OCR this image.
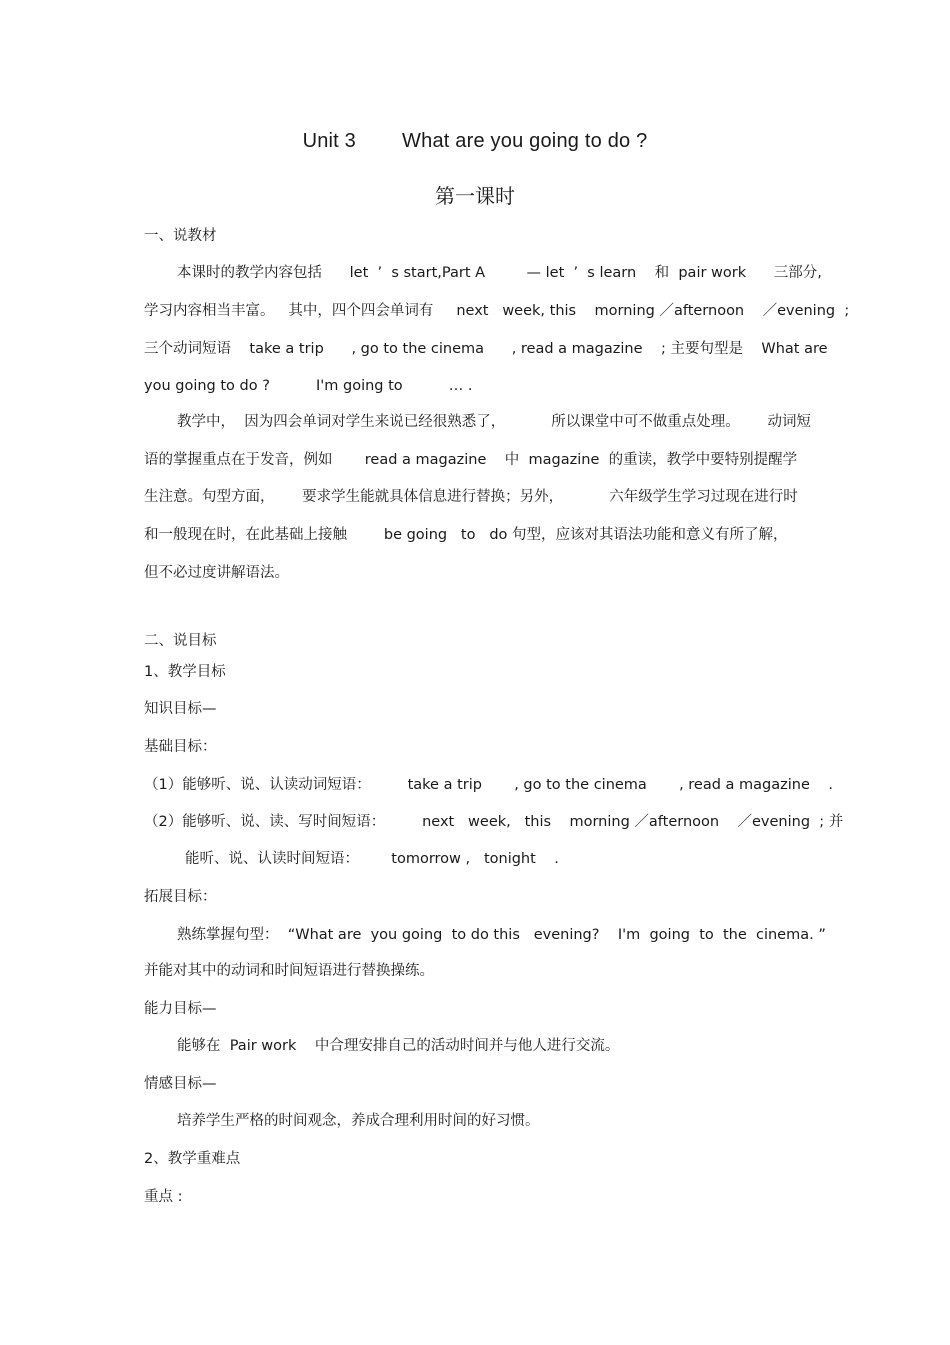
Unit 3        What are you going to do ?
第一课时
一、说教材
本课时的教学内容包括      let  ’  s start,Part A         — let  ’  s learn    和  pair work      三部分,
学习内容相当丰富。   其中，四个四会单词有     next   week, this    morning ／afternoon    ／evening  ;
三个动词短语    take a trip      , go to the cinema      , read a magazine    ; 主要句型是    What are
you going to do ?          I'm going to          … .
教学中，  因为四会单词对学生来说已经很熟悉了，          所以课堂中可不做重点处理。      动词短
语的掌握重点在于发音，例如       read a magazine    中  magazine  的重读，教学中要特别提醒学
生注意。句型方面，      要求学生能就具体信息进行替换；另外，          六年级学生学习过现在进行时
和一般现在时，在此基础上接触        be going   to   do 句型，应该对其语法功能和意义有所了解，
但不必过度讲解语法。
二、说目标
1、教学目标
知识目标—
基础目标：
（1）能够听、说、认读动词短语：        take a trip       , go to the cinema       , read a magazine    .
（2）能够听、说、读、写时间短语：        next   week,   this    morning ／afternoon    ／evening  ; 并
能听、说、认读时间短语：       tomorrow ,   tonight    .
拓展目标：
熟练掌握句型：  “What are  you going  to do this   evening?    I'm  going  to  the  cinema. ”
并能对其中的动词和时间短语进行替换操练。
能力目标—
能够在  Pair work    中合理安排自己的活动时间并与他人进行交流。
情感目标—
培养学生严格的时间观念，养成合理利用时间的好习惯。
2、教学重难点
重点 :
